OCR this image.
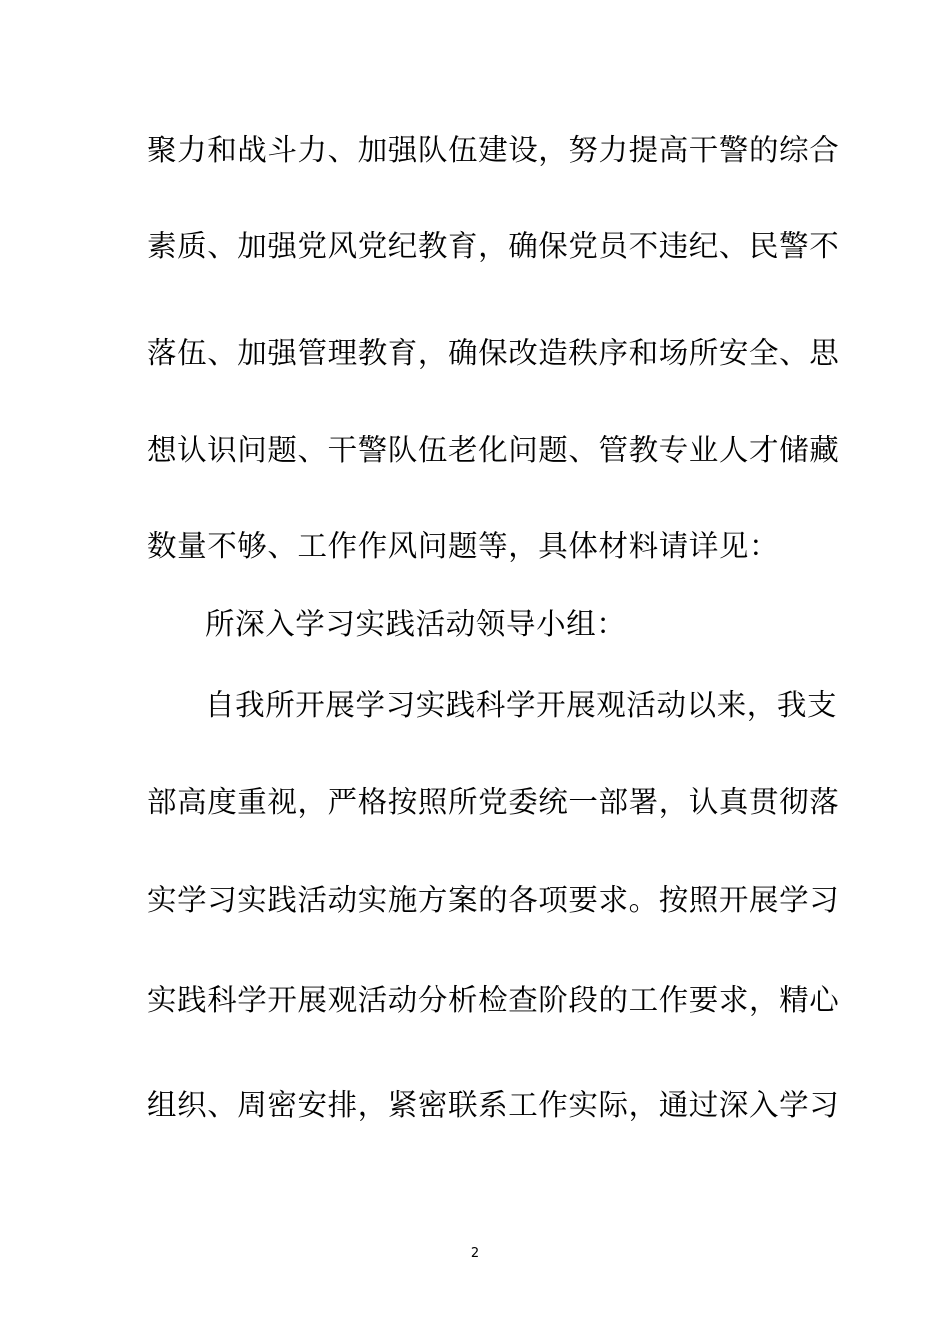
聚力和战斗力、加强队伍建设，努力提高干警的综合
素质、加强党风党纪教育，确保党员不违纪、民警不
落伍、加强管理教育，确保改造秩序和场所安全、思
想认识问题、干警队伍老化问题、管教专业人才储藏
数量不够、工作作风问题等，具体材料请详见：
所深入学习实践活动领导小组：
自我所开展学习实践科学开展观活动以来，我支
部高度重视，严格按照所党委统一部署，认真贯彻落
实学习实践活动实施方案的各项要求。按照开展学习
实践科学开展观活动分析检查阶段的工作要求，精心
组织、周密安排，紧密联系工作实际，通过深入学习
2
